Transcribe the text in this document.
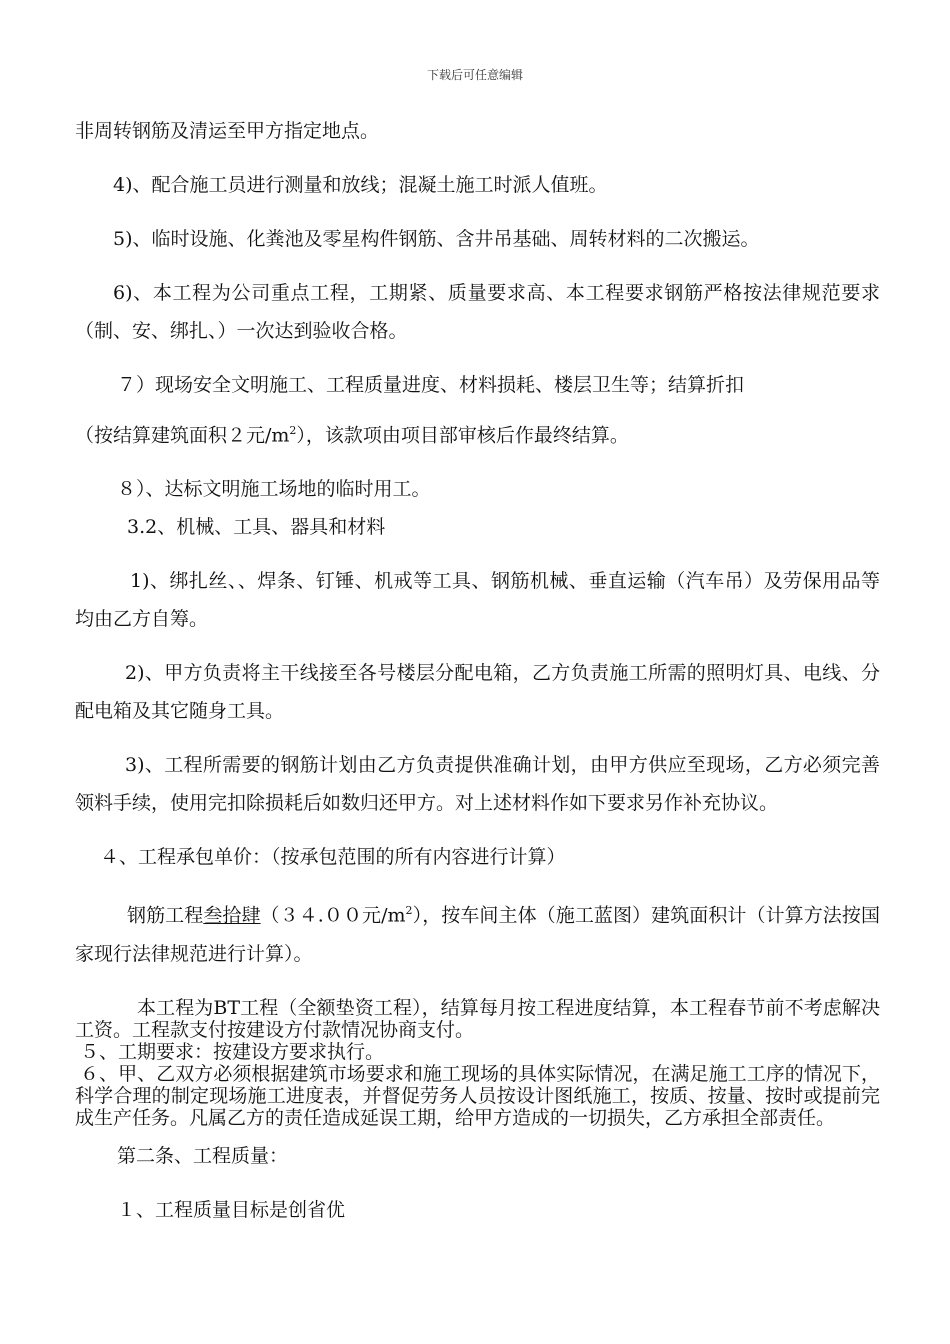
下载后可任意编辑

非周转钢筋及清运至甲方指定地点。

4)、配合施工员进行测量和放线；混凝土施工时派人值班。

5)、临时设施、化粪池及零星构件钢筋、含井吊基础、周转材料的二次搬运。

6)、本工程为公司重点工程，工期紧、质量要求高、本工程要求钢筋严格按法律规范要求（制、安、绑扎、）一次达到验收合格。

７）现场安全文明施工、工程质量进度、材料损耗、楼层卫生等；结算折扣

（按结算建筑面积２元$/m^2$），该款项由项目部审核后作最终结算。

８）、达标文明施工场地的临时用工。

3.2、机械、工具、器具和材料

1)、绑扎丝、、焊条、钉锤、机戒等工具、钢筋机械、垂直运输（汽车吊）及劳保用品等均由乙方自筹。

2)、甲方负责将主干线接至各号楼层分配电箱，乙方负责施工所需的照明灯具、电线、分配电箱及其它随身工具。

3)、工程所需要的钢筋计划由乙方负责提供准确计划，由甲方供应至现场，乙方必须完善领料手续，使用完扣除损耗后如数归还甲方。对上述材料作如下要求另作补充协议。

４、工程承包单价：（按承包范围的所有内容进行计算）

钢筋工程叁拾肆（３４.００元$/m^2$），按车间主体（施工蓝图）建筑面积计（计算方法按国家现行法律规范进行计算）。

本工程为BT工程（全额垫资工程），结算每月按工程进度结算，本工程春节前不考虑解决工资。工程款支付按建设方付款情况协商支付。

５、工期要求：按建设方要求执行。

６、甲、乙双方必须根据建筑市场要求和施工现场的具体实际情况，在满足施工工序的情况下，科学合理的制定现场施工进度表，并督促劳务人员按设计图纸施工，按质、按量、按时或提前完成生产任务。凡属乙方的责任造成延误工期，给甲方造成的一切损失，乙方承担全部责任。

第二条、工程质量：

１、工程质量目标是创省优
